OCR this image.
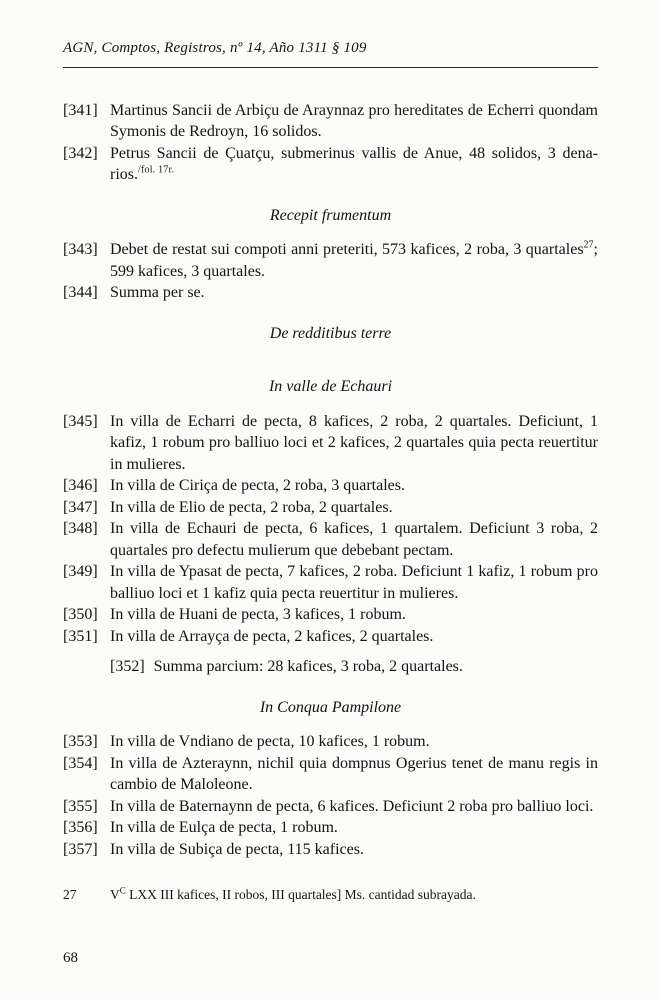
AGN, Comptos, Registros, nº 14, Año 1311 § 109

[341] Martinus Sancii de Arbiçu de Araynnaz pro hereditates de Echerri quondam Symonis de Redroyn, 16 solidos.

[342] Petrus Sancii de Çuatçu, submerinus vallis de Anue, 48 solidos, 3 denarios.$^{/fol. 17r.}$

Recepit frumentum

[343] Debet de restat sui compoti anni preteriti, 573 kafices, 2 roba, 3 quartales$^{27}$; 599 kafices, 3 quartales.

[344] Summa per se.

De redditibus terre
In valle de Echauri

[345] In villa de Echarri de pecta, 8 kafices, 2 roba, 2 quartales. Deficiunt, 1 kafiz, 1 robum pro balliuo loci et 2 kafices, 2 quartales quia pecta reuertitur in mulieres.

[346] In villa de Ciriça de pecta, 2 roba, 3 quartales.

[347] In villa de Elio de pecta, 2 roba, 2 quartales.

[348] In villa de Echauri de pecta, 6 kafices, 1 quartalem. Deficiunt 3 roba, 2 quartales pro defectu mulierum que debebant pectam.

[349] In villa de Ypasat de pecta, 7 kafices, 2 roba. Deficiunt 1 kafiz, 1 robum pro balliuo loci et 1 kafiz quia pecta reuertitur in mulieres.

[350] In villa de Huani de pecta, 3 kafices, 1 robum.

[351] In villa de Arrayça de pecta, 2 kafices, 2 quartales.

[352] Summa parcium: 28 kafices, 3 roba, 2 quartales.

In Conqua Pampilone

[353] In villa de Vndiano de pecta, 10 kafices, 1 robum.

[354] In villa de Azteraynn, nichil quia dompnus Ogerius tenet de manu regis in cambio de Maloleone.

[355] In villa de Baternaynn de pecta, 6 kafices. Deficiunt 2 roba pro balliuo loci.

[356] In villa de Eulça de pecta, 1 robum.

[357] In villa de Subiça de pecta, 115 kafices.

27	$V^C$ LXX III kafices, II robos, III quartales] Ms. cantidad subrayada.
68
